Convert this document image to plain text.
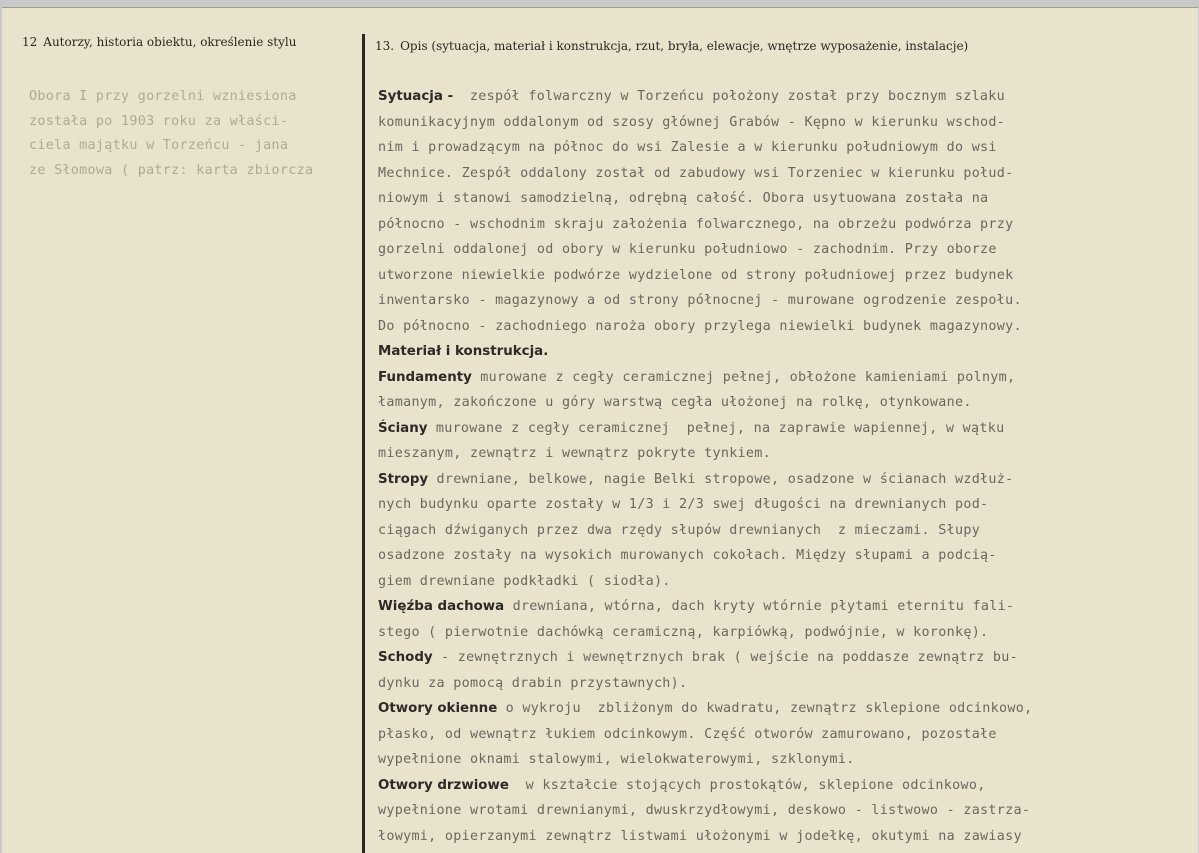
12 Autorzy, historia obiektu, określenie stylu	13. Opis (sytuacja, materiał i konstrukcja, rzut, bryła, elewacje, wnętrze wyposażenie, instalacje)
Obora I przy gorzelni wzniesiona
została po 1903 roku za właści-
ciela majątku w Torzeńcu - jana
ze Słomowa ( patrz: karta zbiorcza
Sytuacja -  zespół folwarczny w Torzeńcu położony został przy bocznym szlaku
komunikacyjnym oddalonym od szosy głównej Grabów - Kępno w kierunku wschod-
nim i prowadzącym na północ do wsi Zalesie a w kierunku południowym do wsi
Mechnice. Zespół oddalony został od zabudowy wsi Torzeniec w kierunku połud-
niowym i stanowi samodzielną, odrębną całość. Obora usytuowana została na
północno - wschodnim skraju założenia folwarcznego, na obrzeżu podwórza przy
gorzelni oddalonej od obory w kierunku południowo - zachodnim. Przy oborze
utworzone niewielkie podwórze wydzielone od strony południowej przez budynek
inwentarsko - magazynowy a od strony północnej - murowane ogrodzenie zespołu.
Do północno - zachodniego naroża obory przylega niewielki budynek magazynowy.
Materiał i konstrukcja.
Fundamenty murowane z cegły ceramicznej pełnej, obłożone kamieniami polnym,
łamanym, zakończone u góry warstwą cegła ułożonej na rolkę, otynkowane.
Ściany murowane z cegły ceramicznej  pełnej, na zaprawie wapiennej, w wątku
mieszanym, zewnątrz i wewnątrz pokryte tynkiem.
Stropy drewniane, belkowe, nagie Belki stropowe, osadzone w ścianach wzdłuż-
nych budynku oparte zostały w 1/3 i 2/3 swej długości na drewnianych pod-
ciągach dźwiganych przez dwa rzędy słupów drewnianych  z mieczami. Słupy
osadzone zostały na wysokich murowanych cokołach. Między słupami a podcią-
giem drewniane podkładki ( siodła).
Więźba dachowa drewniana, wtórna, dach kryty wtórnie płytami eternitu fali-
stego ( pierwotnie dachówką ceramiczną, karpiówką, podwójnie, w koronkę).
Schody - zewnętrznych i wewnętrznych brak ( wejście na poddasze zewnątrz bu-
dynku za pomocą drabin przystawnych).
Otwory okienne o wykroju  zbliżonym do kwadratu, zewnątrz sklepione odcinkowo,
płasko, od wewnątrz łukiem odcinkowym. Część otworów zamurowano, pozostałe
wypełnione oknami stalowymi, wielokwaterowymi, szklonymi.
Otwory drzwiowe  w kształcie stojących prostokątów, sklepione odcinkowo,
wypełnione wrotami drewnianymi, dwuskrzydłowymi, deskowo - listwowo - zastrza-
łowymi, opierzanymi zewnątrz listwami ułożonymi w jodełkę, okutymi na zawiasy
